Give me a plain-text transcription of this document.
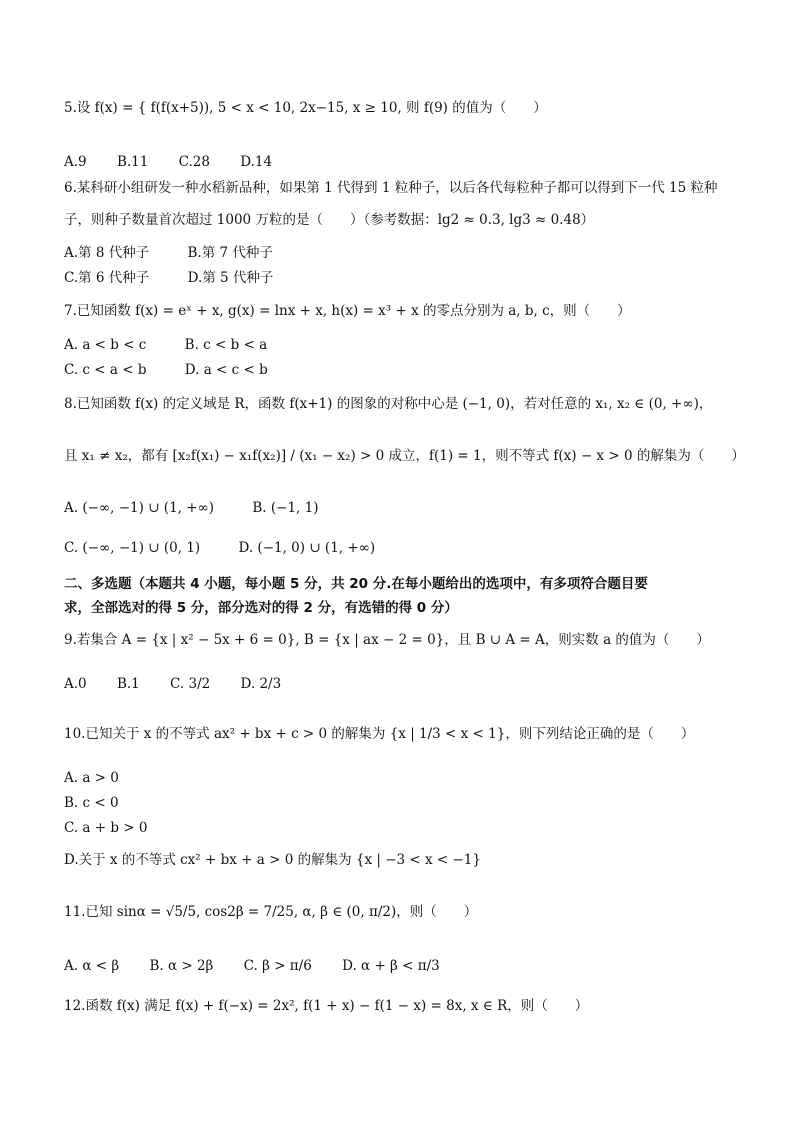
5.设 f(x) = { f(f(x+5)), 5 < x < 10, 2x−15, x ≥ 10, 则 f(9) 的值为（　　）
A.9 B.11 C.28 D.14
6.某科研小组研发一种水稻新品种，如果第 1 代得到 1 粒种子，以后各代每粒种子都可以得到下一代 15 粒种
子，则种子数量首次超过 1000 万粒的是（　　）（参考数据：lg2 ≈ 0.3, lg3 ≈ 0.48）
A.第 8 代种子	B.第 7 代种子
C.第 6 代种子	D.第 5 代种子
7.已知函数 f(x) = eˣ + x, g(x) = lnx + x, h(x) = x³ + x 的零点分别为 a, b, c，则（　　）
A. a < b < c	B. c < b < a
C. c < a < b	D. a < c < b
8.已知函数 f(x) 的定义域是 R，函数 f(x+1) 的图象的对称中心是 (−1, 0)，若对任意的 x₁, x₂ ∈ (0, +∞)，
且 x₁ ≠ x₂，都有 [x₂f(x₁) − x₁f(x₂)] / (x₁ − x₂) > 0 成立，f(1) = 1，则不等式 f(x) − x > 0 的解集为（　　）
A. (−∞, −1) ∪ (1, +∞)	B. (−1, 1)
C. (−∞, −1) ∪ (0, 1)	D. (−1, 0) ∪ (1, +∞)
二、多选题（本题共 4 小题，每小题 5 分，共 20 分.在每小题给出的选项中，有多项符合题目要
求，全部选对的得 5 分，部分选对的得 2 分，有选错的得 0 分）
9.若集合 A = {x | x² − 5x + 6 = 0}, B = {x | ax − 2 = 0}，且 B ∪ A = A，则实数 a 的值为（　　）
A.0 B.1 C. 3/2 D. 2/3
10.已知关于 x 的不等式 ax² + bx + c > 0 的解集为 {x | 1/3 < x < 1}，则下列结论正确的是（　　）
A. a > 0
B. c < 0
C. a + b > 0
D.关于 x 的不等式 cx² + bx + a > 0 的解集为 {x | −3 < x < −1}
11.已知 sinα = √5/5, cos2β = 7/25, α, β ∈ (0, π/2)，则（　　）
A. α < β B. α > 2β C. β > π/6 D. α + β < π/3
12.函数 f(x) 满足 f(x) + f(−x) = 2x², f(1 + x) − f(1 − x) = 8x, x ∈ R，则（　　）
